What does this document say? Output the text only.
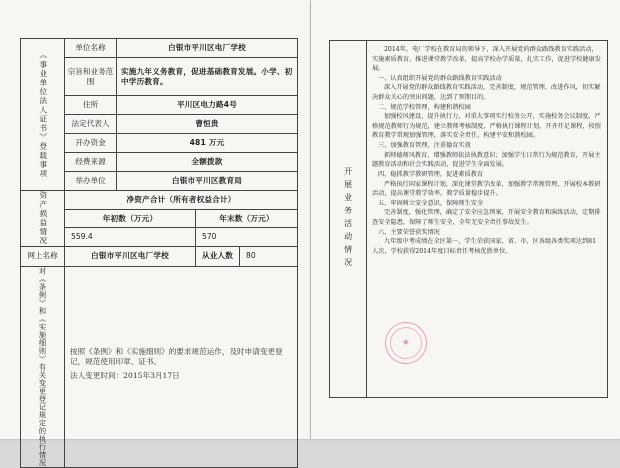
《事业单位法人证书》登载事项	单位名称	白银市平川区电厂学校		
	宗旨和业务范围	实施九年义务教育，促进基础教育发展。小学、初中学历教育。		
	住所	平川区电力路4号		
	法定代表人	曹恒贵		
	开办资金	481 万元		
	经费来源	全额拨款		
	举办单位	白银市平川区教育局		

资产损益情况	净资产合计（所有者权益合计）			
	年初数（万元）		年末数（万元）	
	559.4		570	
网上名称	白银市平川区电厂学校		从业人数	80

对《条例》和《实施细则》有关变更登记规定的执行情况	按照《条例》和《实施细则》的要求规范运作，及时申请变更登记，规范使用印章、证书。

法人变更时间：2015年3月17日			

开展业务活动情况

2014年，电厂学校在教育局的领导下，深入开展党的群众路线教育实践活动，实施素质教育，推进课堂教学改革，提高学校办学质量，扎实工作，促进学校健康发展。

一、认真组织开展党的群众路线教育实践活动

深入开展党的群众路线教育实践活动，完善制度，规范管理，改进作风，切实解决群众关心的突出问题，达到了预期目的。

二、规范学校管理，构建和谐校园

加强校风建设，提升执行力，对重大事项实行校务公开，实施校务会议制度，严格规范教师行为规范，建立教师考核制度，严格执行课程计划，开齐开足课程，按照教育教学常规加强管理，落实安全责任，构建平安和谐校园。

三、加强教育管理，注重德育实效

抓师德师风教育，增强教师依法执教意识；加强学生日常行为规范教育，开展主题教育活动和社会实践活动，促进学生全面发展。

四、稳抓教学教研管理，促进素质教育

严格执行国家课程计划，深化课堂教学改革，加强教学常规管理，开展校本教研活动，提高课堂教学效率，教学质量稳步提升。

五、牢固树立安全意识，保障师生安全

完善制度，强化管理，确定了安全应急预案，开展安全教育和演练活动，定期排查安全隐患，保障了师生安全，全年无安全责任事故发生。

六、主要荣誉获奖情况

九年级中考成绩在全区第一，学生荣获国家、省、市、区各级各类奖项达到81人次，学校获得2014年度目标责任考核优胜单位。

★
